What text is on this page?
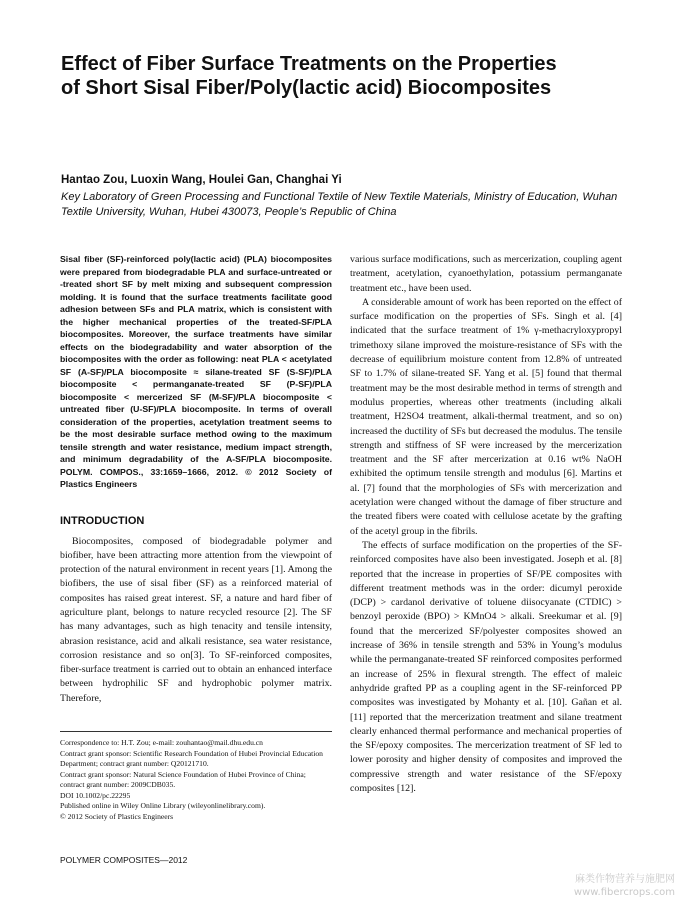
Effect of Fiber Surface Treatments on the Properties
of Short Sisal Fiber/Poly(lactic acid) Biocomposites
Hantao Zou, Luoxin Wang, Houlei Gan, Changhai Yi
Key Laboratory of Green Processing and Functional Textile of New Textile Materials, Ministry of Education, Wuhan Textile University, Wuhan, Hubei 430073, People’s Republic of China

Sisal fiber (SF)-reinforced poly(lactic acid) (PLA) biocomposites were prepared from biodegradable PLA and surface-untreated or -treated short SF by melt mixing and subsequent compression molding. It is found that the surface treatments facilitate good adhesion between SFs and PLA matrix, which is consistent with the higher mechanical properties of the treated-SF/PLA biocomposites. Moreover, the surface treatments have similar effects on the biodegradability and water absorption of the biocomposites with the order as following: neat PLA < acetylated SF (A-SF)/PLA biocomposite ≈ silane-treated SF (S-SF)/PLA biocomposite < permanganate-treated SF (P-SF)/PLA biocomposite < mercerized SF (M-SF)/PLA biocomposite < untreated fiber (U-SF)/PLA biocomposite. In terms of overall consideration of the properties, acetylation treatment seems to be the most desirable surface method owing to the maximum tensile strength and water resistance, medium impact strength, and minimum degradability of the A-SF/PLA biocomposite. POLYM. COMPOS., 33:1659–1666, 2012. © 2012 Society of Plastics Engineers

INTRODUCTION

Biocomposites, composed of biodegradable polymer and biofiber, have been attracting more attention from the viewpoint of protection of the natural environment in recent years [1]. Among the biofibers, the use of sisal fiber (SF) as a reinforced material of composites has raised great interest. SF, a nature and hard fiber of agriculture plant, belongs to nature recycled resource [2]. The SF has many advantages, such as high tenacity and tensile intensity, abrasion resistance, acid and alkali resistance, sea water resistance, corrosion resistance and so on[3]. To SF-reinforced composites, fiber-surface treatment is carried out to obtain an enhanced interface between hydrophilic SF and hydrophobic polymer matrix. Therefore,

various surface modifications, such as mercerization, coupling agent treatment, acetylation, cyanoethylation, potassium permanganate treatment etc., have been used.

A considerable amount of work has been reported on the effect of surface modification on the properties of SFs. Singh et al. [4] indicated that the surface treatment of 1% γ-methacryloxypropyl trimethoxy silane improved the moisture-resistance of SFs with the decrease of equilibrium moisture content from 12.8% of untreated SF to 1.7% of silane-treated SF. Yang et al. [5] found that thermal treatment may be the most desirable method in terms of strength and modulus properties, whereas other treatments (including alkali treatment, H2SO4 treatment, alkali-thermal treatment, and so on) increased the ductility of SFs but decreased the modulus. The tensile strength and stiffness of SF were increased by the mercerization treatment and the SF after mercerization at 0.16 wt% NaOH exhibited the optimum tensile strength and modulus [6]. Martins et al. [7] found that the morphologies of SFs with mercerization and acetylation were changed without the damage of fiber structure and the treated fibers were coated with cellulose acetate by the grafting of the acetyl group in the fibrils.

The effects of surface modification on the properties of the SF-reinforced composites have also been investigated. Joseph et al. [8] reported that the increase in properties of SF/PE composites with different treatment methods was in the order: dicumyl peroxide (DCP) > cardanol derivative of toluene diisocyanate (CTDIC) > benzoyl peroxide (BPO) > KMnO4 > alkali. Sreekumar et al. [9] found that the mercerized SF/polyester composites showed an increase of 36% in tensile strength and 53% in Young’s modulus while the permanganate-treated SF reinforced composites performed an increase of 25% in flexural strength. The effect of maleic anhydride grafted PP as a coupling agent in the SF-reinforced PP composites was investigated by Mohanty et al. [10]. Gañan et al. [11] reported that the mercerization treatment and silane treatment clearly enhanced thermal performance and mechanical properties of the SF/epoxy composites. The mercerization treatment of SF led to lower porosity and higher density of composites and improved the compressive strength and water resistance of the SF/epoxy composites [12].

Correspondence to: H.T. Zou; e-mail: zouhantao@mail.dhu.edu.cn

Contract grant sponsor: Scientific Research Foundation of Hubei Provincial Education Department; contract grant number: Q20121710.

Contract grant sponsor: Natural Science Foundation of Hubei Province of China; contract grant number: 2009CDB035.

DOI 10.1002/pc.22295

Published online in Wiley Online Library (wileyonlinelibrary.com).

© 2012 Society of Plastics Engineers

POLYMER COMPOSITES—2012
麻类作物营养与施肥网
www.fibercrops.com
